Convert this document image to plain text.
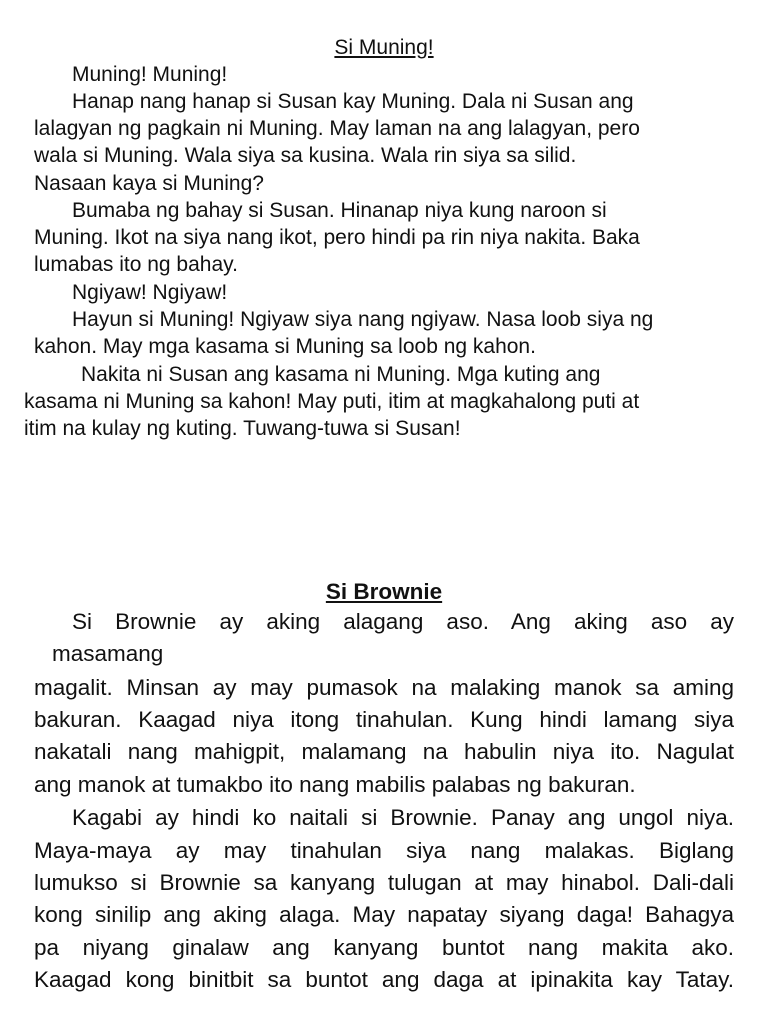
Si Muning!
Muning! Muning!
Hanap nang hanap si Susan kay Muning. Dala ni Susan ang
lalagyan ng pagkain ni Muning. May laman na ang lalagyan, pero
wala si Muning. Wala siya sa kusina. Wala rin siya sa silid.
Nasaan kaya si Muning?
Bumaba ng bahay si Susan. Hinanap niya kung naroon si
Muning. Ikot na siya nang ikot, pero hindi pa rin niya nakita. Baka
lumabas ito ng bahay.
Ngiyaw! Ngiyaw!
Hayun si Muning! Ngiyaw siya nang ngiyaw. Nasa loob siya ng
kahon. May mga kasama si Muning sa loob ng kahon.
Nakita ni Susan ang kasama ni Muning. Mga kuting ang
kasama ni Muning sa kahon! May puti, itim at magkahalong puti at
itim na kulay ng kuting. Tuwang-tuwa si Susan!
Si Brownie
Si Brownie ay aking alagang aso. Ang aking aso ay
masamang
magalit. Minsan ay may pumasok na malaking manok sa aming
bakuran. Kaagad niya itong tinahulan. Kung hindi lamang siya
nakatali nang mahigpit, malamang na habulin niya ito. Nagulat
ang manok at tumakbo ito nang mabilis palabas ng bakuran.
Kagabi ay hindi ko naitali si Brownie. Panay ang ungol niya.
Maya-maya ay may tinahulan siya nang malakas. Biglang
lumukso si Brownie sa kanyang tulugan at may hinabol. Dali-dali
kong sinilip ang aking alaga. May napatay siyang daga! Bahagya
pa niyang ginalaw ang kanyang buntot nang makita ako.
Kaagad kong binitbit sa buntot ang daga at ipinakita kay Tatay.
